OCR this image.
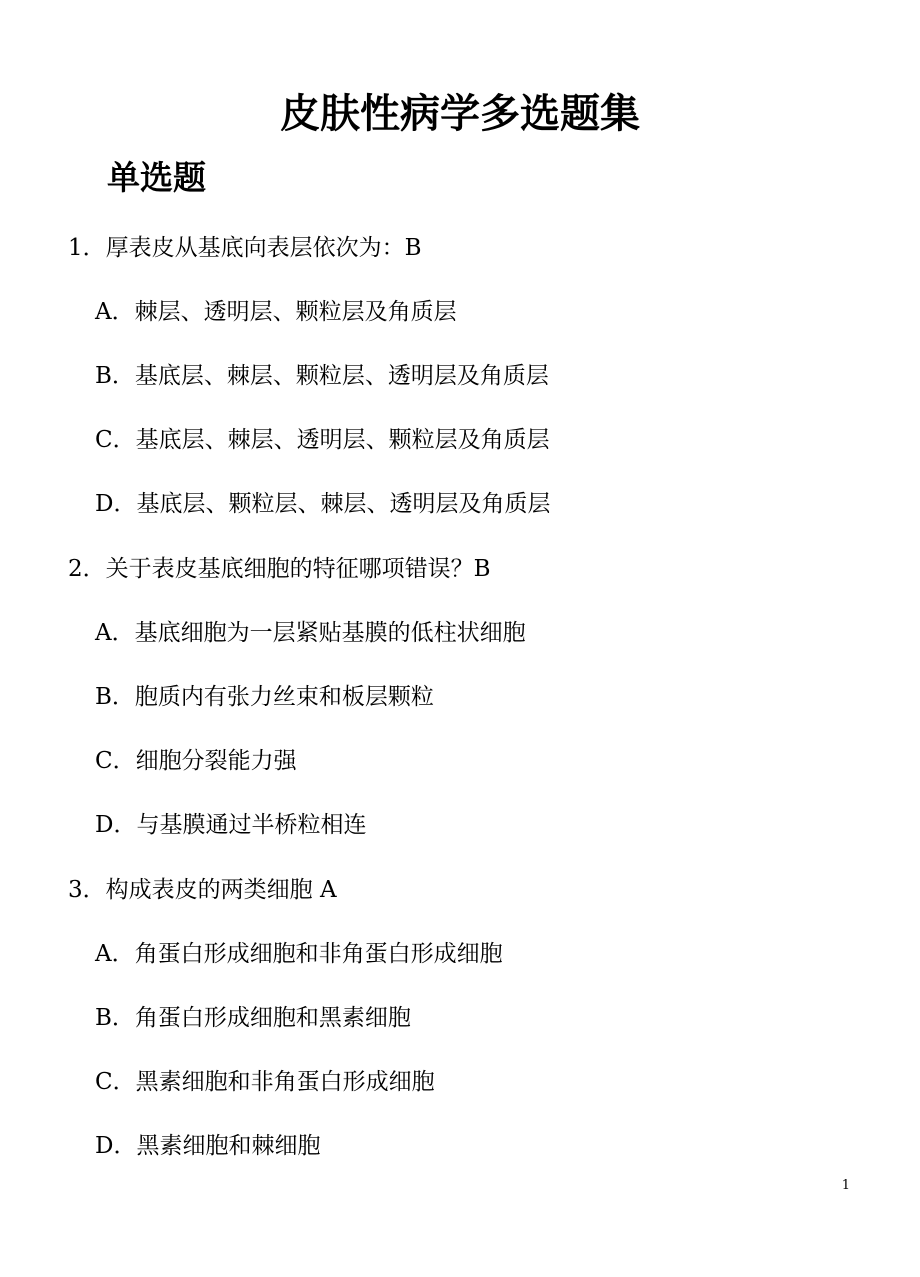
皮肤性病学多选题集
单选题
1．厚表皮从基底向表层依次为：B
A．棘层、透明层、颗粒层及角质层
B．基底层、棘层、颗粒层、透明层及角质层
C．基底层、棘层、透明层、颗粒层及角质层
D．基底层、颗粒层、棘层、透明层及角质层
2．关于表皮基底细胞的特征哪项错误？B
A．基底细胞为一层紧贴基膜的低柱状细胞
B．胞质内有张力丝束和板层颗粒
C．细胞分裂能力强
D．与基膜通过半桥粒相连
3．构成表皮的两类细胞 A
A．角蛋白形成细胞和非角蛋白形成细胞
B．角蛋白形成细胞和黑素细胞
C．黑素细胞和非角蛋白形成细胞
D．黑素细胞和棘细胞
1
